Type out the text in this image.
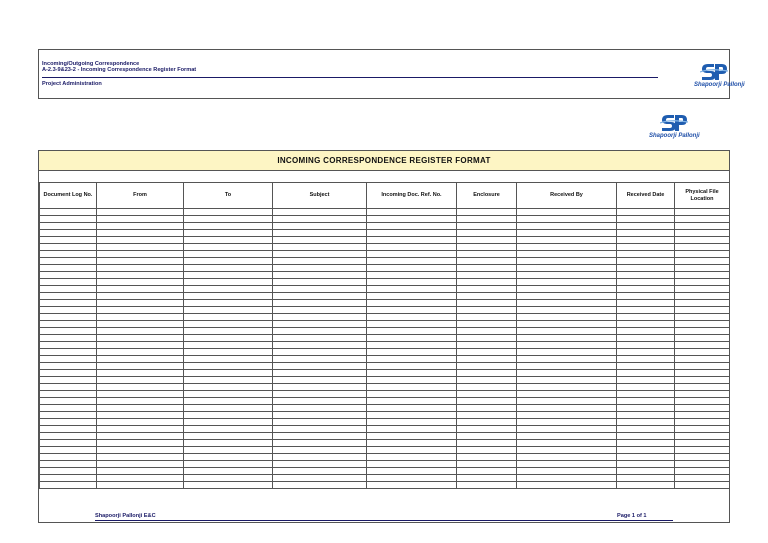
Incoming/Outgoing Correspondence
A-2.3-9&23-2 - Incoming Correspondence Register Format
Project Administration	Shapoorji Pallonji
Shapoorji Pallonji
INCOMING CORRESPONDENCE REGISTER FORMAT
Document Log No.	From	To	Subject	Incoming Doc. Ref. No.	Enclosure	Received By	Received Date	Physical File Location

Shapoorji Pallonji E&C	Page 1 of 1
